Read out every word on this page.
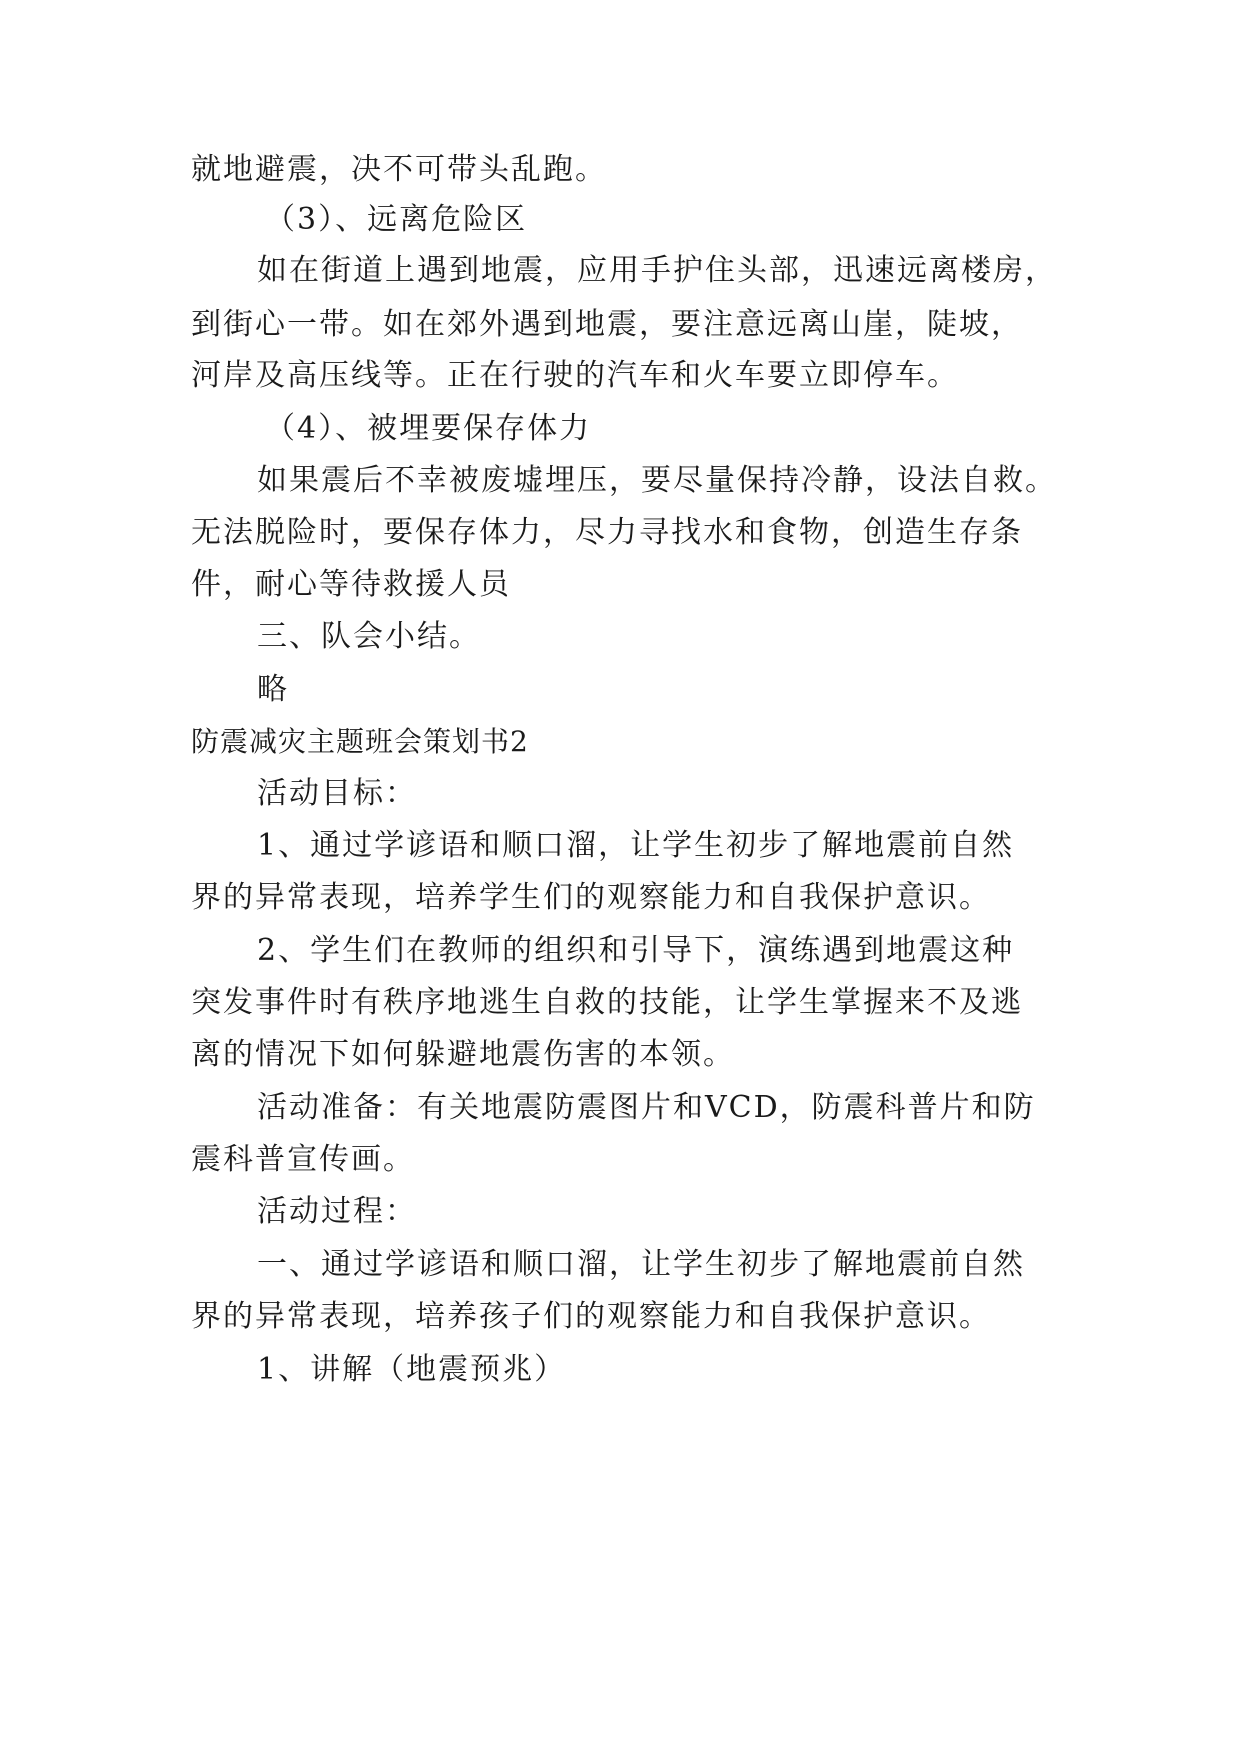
就地避震，决不可带头乱跑。
（3）、远离危险区
如在街道上遇到地震，应用手护住头部，迅速远离楼房，
到街心一带。如在郊外遇到地震，要注意远离山崖，陡坡，
河岸及高压线等。正在行驶的汽车和火车要立即停车。
（4）、被埋要保存体力
如果震后不幸被废墟埋压，要尽量保持冷静，设法自救。
无法脱险时，要保存体力，尽力寻找水和食物，创造生存条
件，耐心等待救援人员
三、队会小结。
略
防震减灾主题班会策划书2
活动目标：
1、通过学谚语和顺口溜，让学生初步了解地震前自然
界的异常表现，培养学生们的观察能力和自我保护意识。
2、学生们在教师的组织和引导下，演练遇到地震这种
突发事件时有秩序地逃生自救的技能，让学生掌握来不及逃
离的情况下如何躲避地震伤害的本领。
活动准备：有关地震防震图片和VCD，防震科普片和防
震科普宣传画。
活动过程：
一、通过学谚语和顺口溜，让学生初步了解地震前自然
界的异常表现，培养孩子们的观察能力和自我保护意识。
1、讲解（地震预兆）
